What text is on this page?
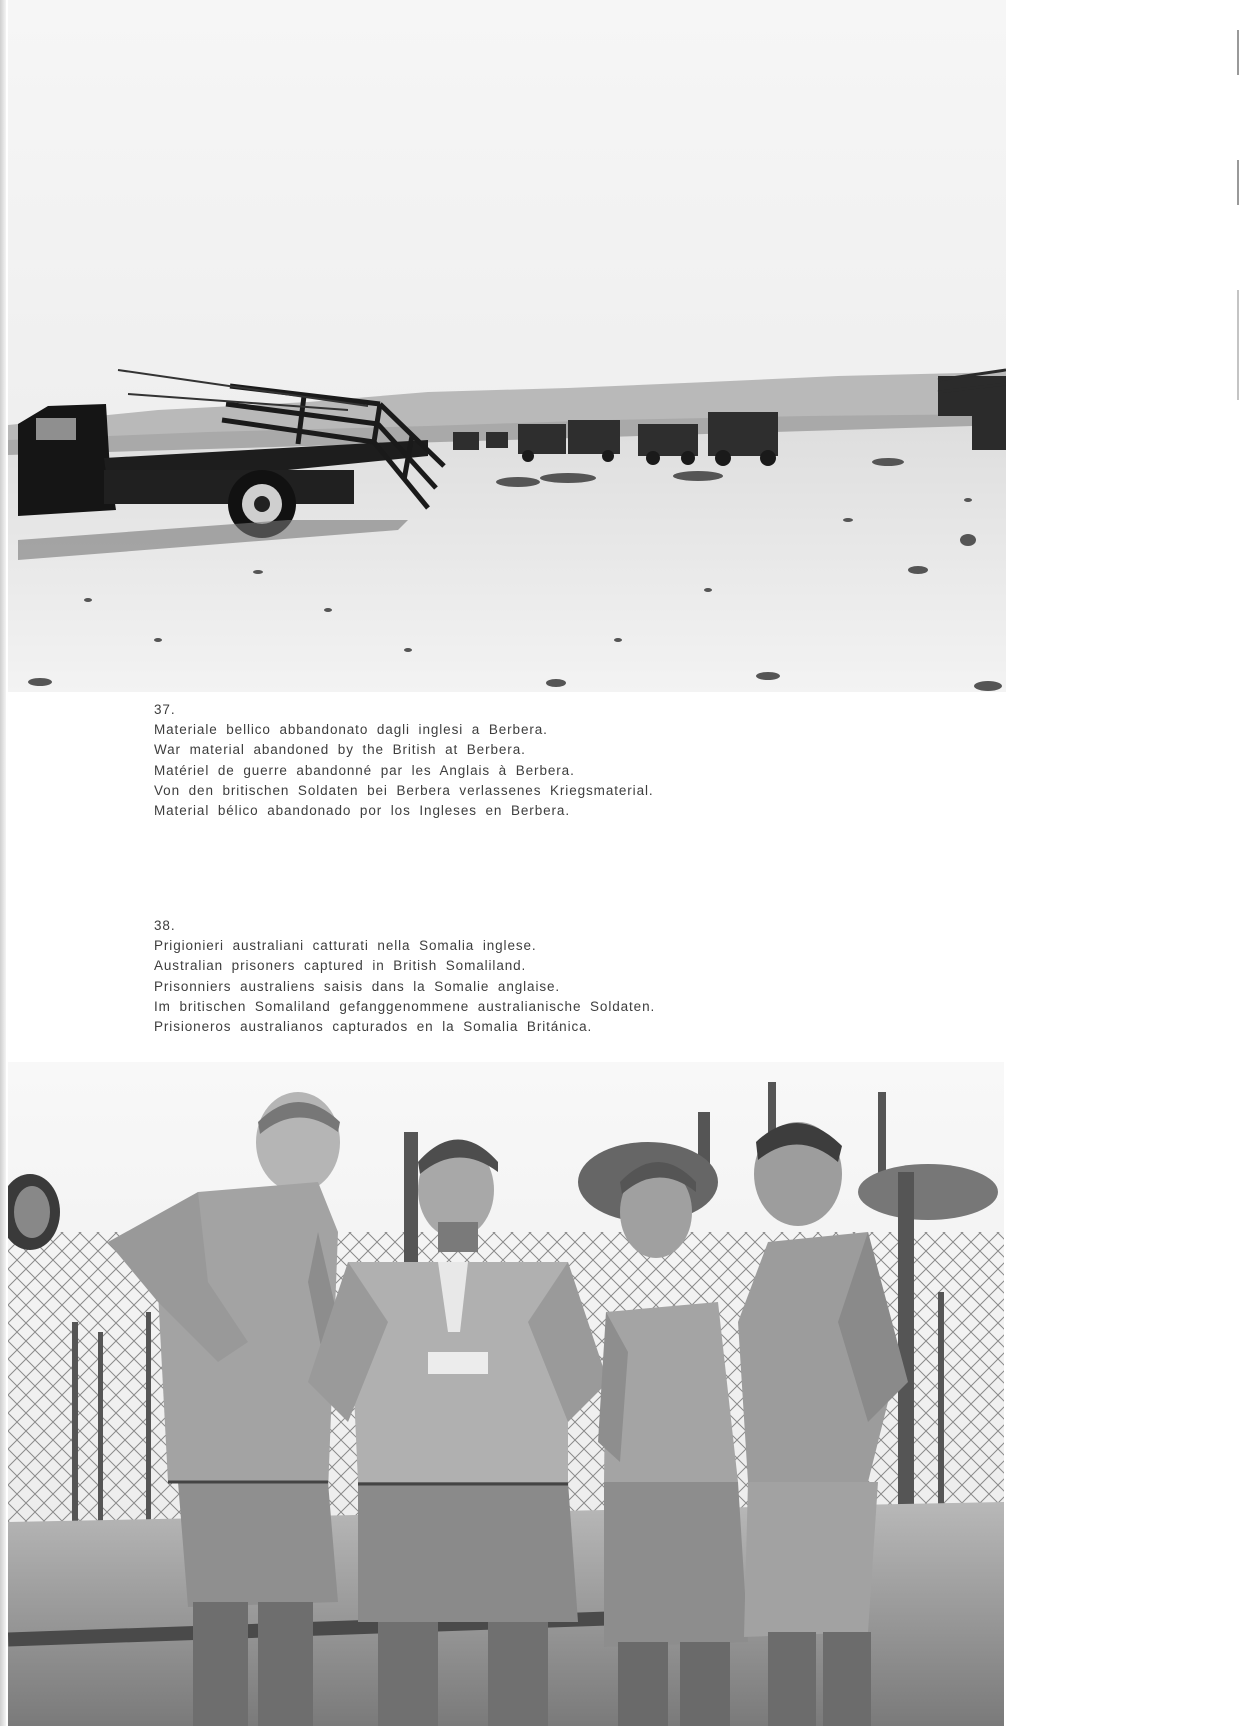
37.
Materiale bellico abbandonato dagli inglesi a Berbera.
War material abandoned by the British at Berbera.
Matériel de guerre abandonné par les Anglais à Berbera.
Von den britischen Soldaten bei Berbera verlassenes Kriegsmaterial.
Material bélico abandonado por los Ingleses en Berbera.
38.
Prigionieri australiani catturati nella Somalia inglese.
Australian prisoners captured in British Somaliland.
Prisonniers australiens saisis dans la Somalie anglaise.
Im britischen Somaliland gefanggenommene australianische Soldaten.
Prisioneros australianos capturados en la Somalia Británica.
